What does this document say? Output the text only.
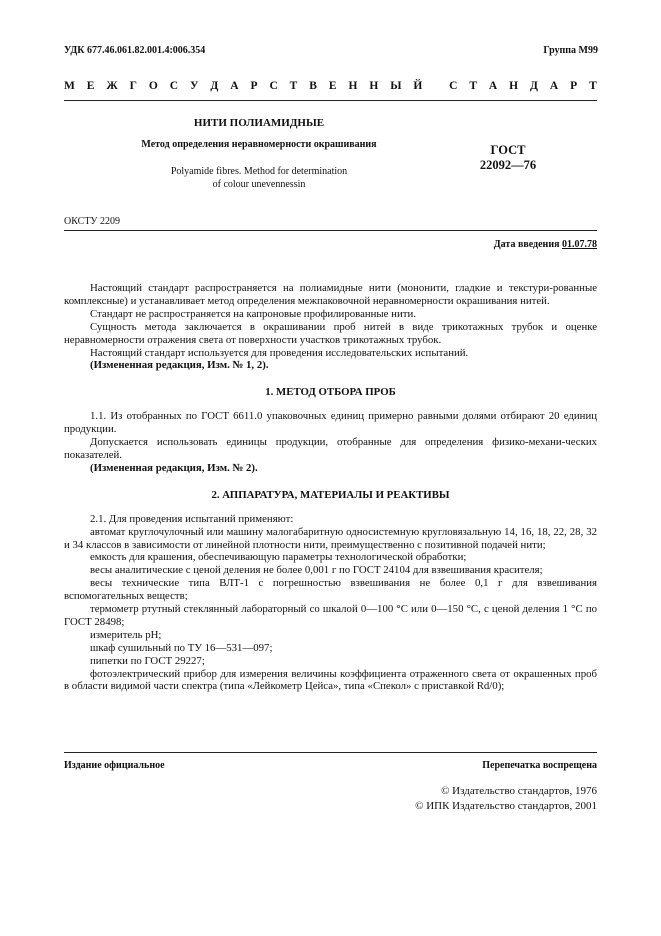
УДК 677.46.061.82.001.4:006.354	Группа М99
М Е Ж Г О С У Д А Р С Т В Е Н Н Ы Й
С Т А Н Д А Р Т
НИТИ ПОЛИАМИДНЫЕ
Метод определения неравномерности окрашивания	ГОСТ
22092—76
Polyamide fibres. Method for determination
of colour unevennessin
ОКСТУ 2209
Дата введения 01.07.78

Настоящий стандарт распространяется на полиамидные нити (мононити, гладкие и текстури-рованные комплексные) и устанавливает метод определения межпаковочной неравномерности окрашивания нитей.

Стандарт не распространяется на капроновые профилированные нити.

Сущность метода заключается в окрашивании проб нитей в виде трикотажных трубок и оценке неравномерности отражения света от поверхности участков трикотажных трубок.

Настоящий стандарт используется для проведения исследовательских испытаний.

(Измененная редакция, Изм. № 1, 2).

1. МЕТОД ОТБОРА ПРОБ

1.1. Из отобранных по ГОСТ 6611.0 упаковочных единиц примерно равными долями отбирают 20 единиц продукции.

Допускается использовать единицы продукции, отобранные для определения физико-механи-ческих показателей.

(Измененная редакция, Изм. № 2).

2. АППАРАТУРА, МАТЕРИАЛЫ И РЕАКТИВЫ

2.1. Для проведения испытаний применяют:

автомат круглочулочный или машину малогабаритную односистемную кругловязальную 14, 16, 18, 22, 28, 32 и 34 классов в зависимости от линейной плотности нити, преимущественно с позитивной подачей нити;

емкость для крашения, обеспечивающую параметры технологической обработки;

весы аналитические с ценой деления не более 0,001 г по ГОСТ 24104 для взвешивания красителя;

весы технические типа ВЛТ-1 с погрешностью взвешивания не более 0,1 г для взвешивания вспомогательных веществ;

термометр ртутный стеклянный лабораторный со шкалой 0—100 °С или 0—150 °С, с ценой деления 1 °С по ГОСТ 28498;

измеритель рН;

шкаф сушильный по ТУ 16—531—097;

пипетки по ГОСТ 29227;

фотоэлектрический прибор для измерения величины коэффициента отраженного света от окрашенных проб в области видимой части спектра (типа «Лейкометр Цейса», типа «Спекол» с приставкой Rd/0);

Издание официальное	Перепечатка воспрещена
© Издательство стандартов, 1976
© ИПК Издательство стандартов, 2001
